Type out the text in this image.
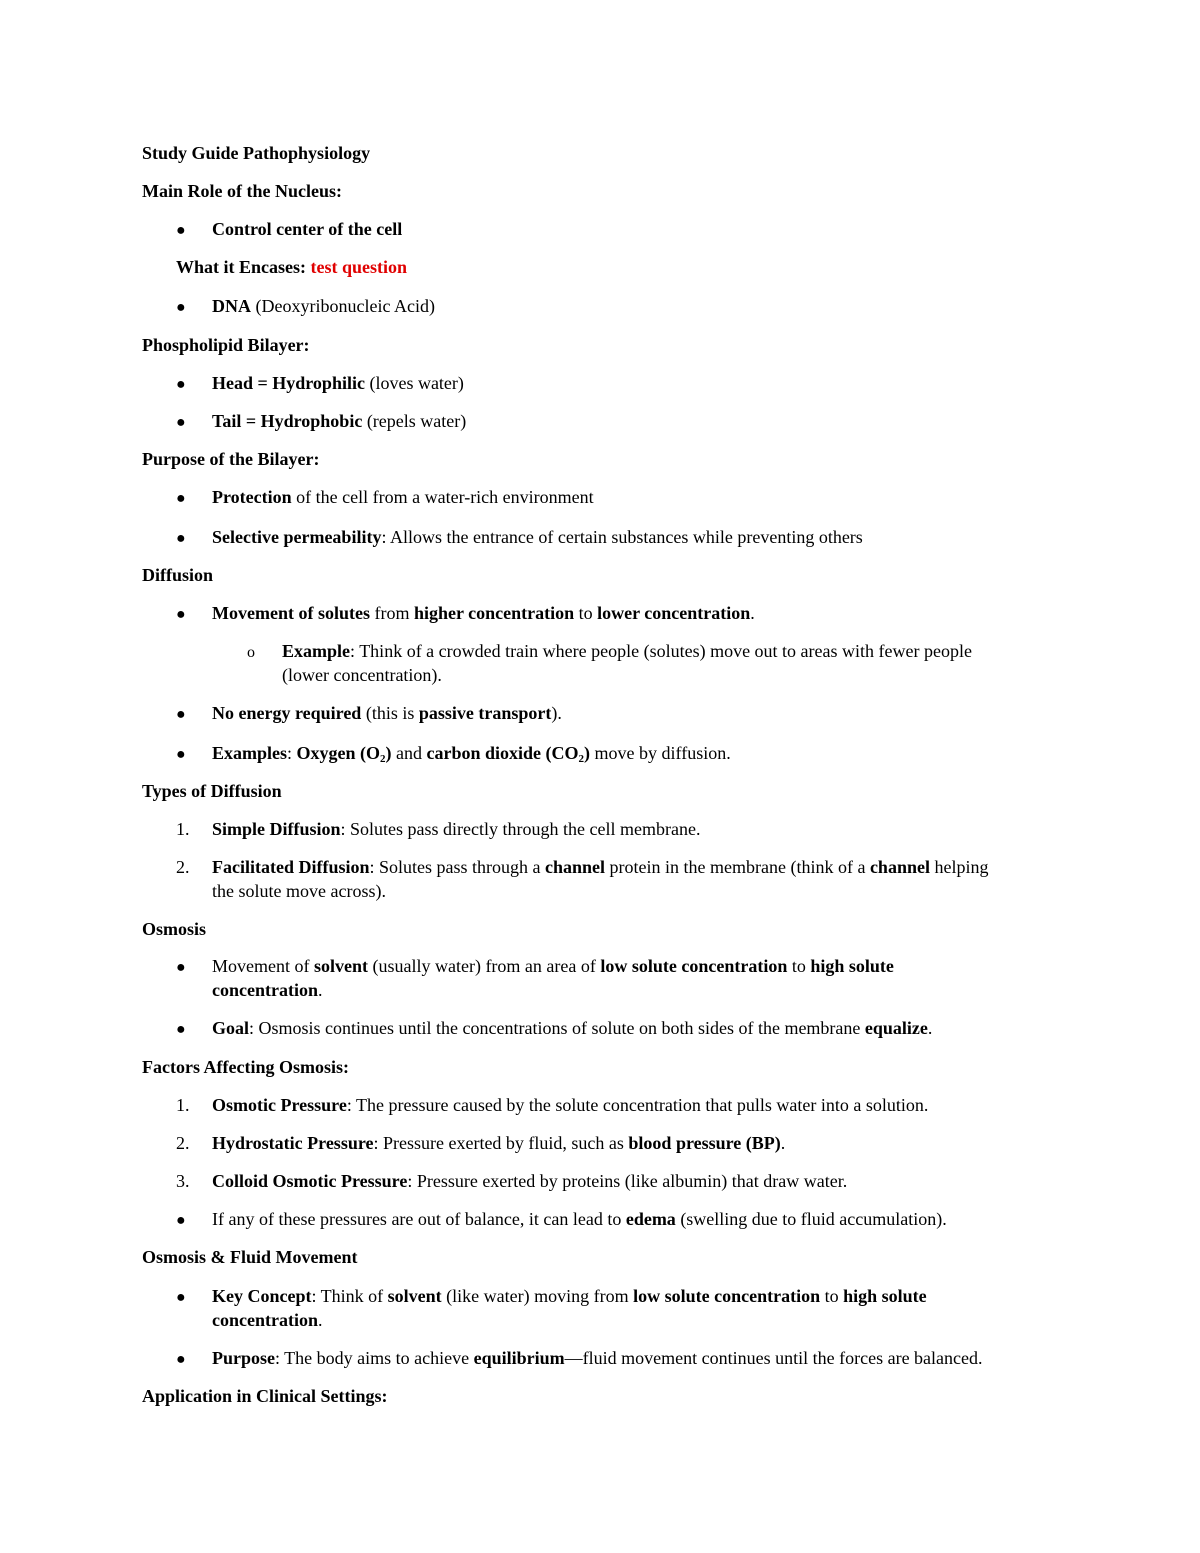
Study Guide Pathophysiology
Main Role of the Nucleus:
● Control center of the cell
What it Encases: test question
● DNA (Deoxyribonucleic Acid)
Phospholipid Bilayer:
● Head = Hydrophilic (loves water)
● Tail = Hydrophobic (repels water)
Purpose of the Bilayer:
● Protection of the cell from a water-rich environment
● Selective permeability: Allows the entrance of certain substances while preventing others
Diffusion
● Movement of solutes from higher concentration to lower concentration.
o Example: Think of a crowded train where people (solutes) move out to areas with fewer people
(lower concentration).
● No energy required (this is passive transport).
● Examples: Oxygen $(O_2)$ and carbon dioxide $(CO_2)$ move by diffusion.
Types of Diffusion
1. Simple Diffusion: Solutes pass directly through the cell membrane.
2. Facilitated Diffusion: Solutes pass through a channel protein in the membrane (think of a channel helping
the solute move across).
Osmosis
● Movement of solvent (usually water) from an area of low solute concentration to high solute
concentration.
● Goal: Osmosis continues until the concentrations of solute on both sides of the membrane equalize.
Factors Affecting Osmosis:
1. Osmotic Pressure: The pressure caused by the solute concentration that pulls water into a solution.
2. Hydrostatic Pressure: Pressure exerted by fluid, such as blood pressure (BP).
3. Colloid Osmotic Pressure: Pressure exerted by proteins (like albumin) that draw water.
● If any of these pressures are out of balance, it can lead to edema (swelling due to fluid accumulation).
Osmosis & Fluid Movement
● Key Concept: Think of solvent (like water) moving from low solute concentration to high solute
concentration.
● Purpose: The body aims to achieve equilibrium—fluid movement continues until the forces are balanced.
Application in Clinical Settings:
